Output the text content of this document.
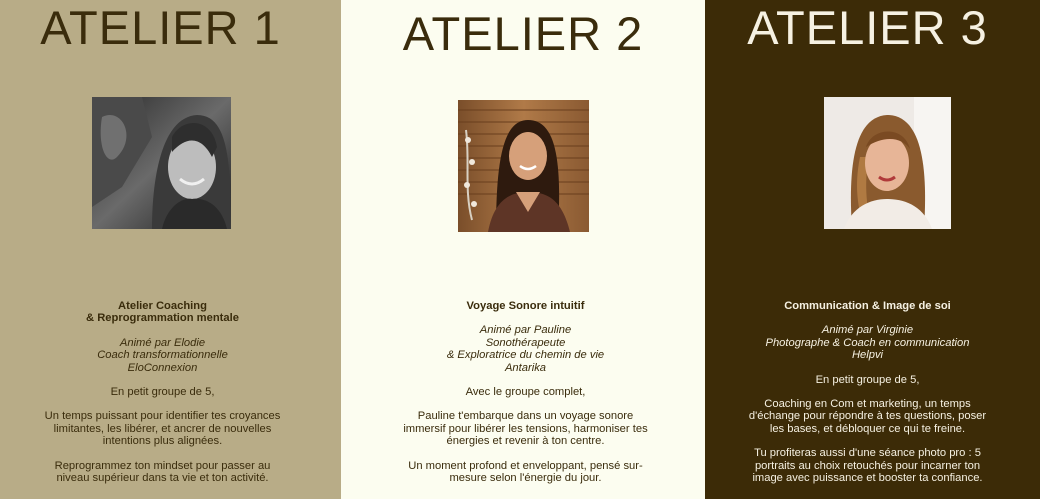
ATELIER 1

Atelier Coaching
& Reprogrammation mentale

Animé par Elodie
Coach transformationnelle
EloConnexion

En petit groupe de 5,

Un temps puissant pour identifier tes croyances
limitantes, les libérer, et ancrer de nouvelles
intentions plus alignées.

Reprogrammez ton mindset pour passer au
niveau supérieur dans ta vie et ton activité.

ATELIER 2

Voyage Sonore intuitif

Animé par Pauline
Sonothérapeute
& Exploratrice du chemin de vie
Antarika

Avec le groupe complet,

Pauline t'embarque dans un voyage sonore
immersif pour libérer les tensions, harmoniser tes
énergies et revenir à ton centre.

Un moment profond et enveloppant, pensé sur-
mesure selon l'énergie du jour.

ATELIER 3

Communication & Image de soi

Animé par Virginie
Photographe & Coach en communication
Helpvi

En petit groupe de 5,

Coaching en Com et marketing, un temps
d'échange pour répondre à tes questions, poser
les bases, et débloquer ce qui te freine.

Tu profiteras aussi d'une séance photo pro : 5
portraits au choix retouchés pour incarner ton
image avec puissance et booster ta confiance.
